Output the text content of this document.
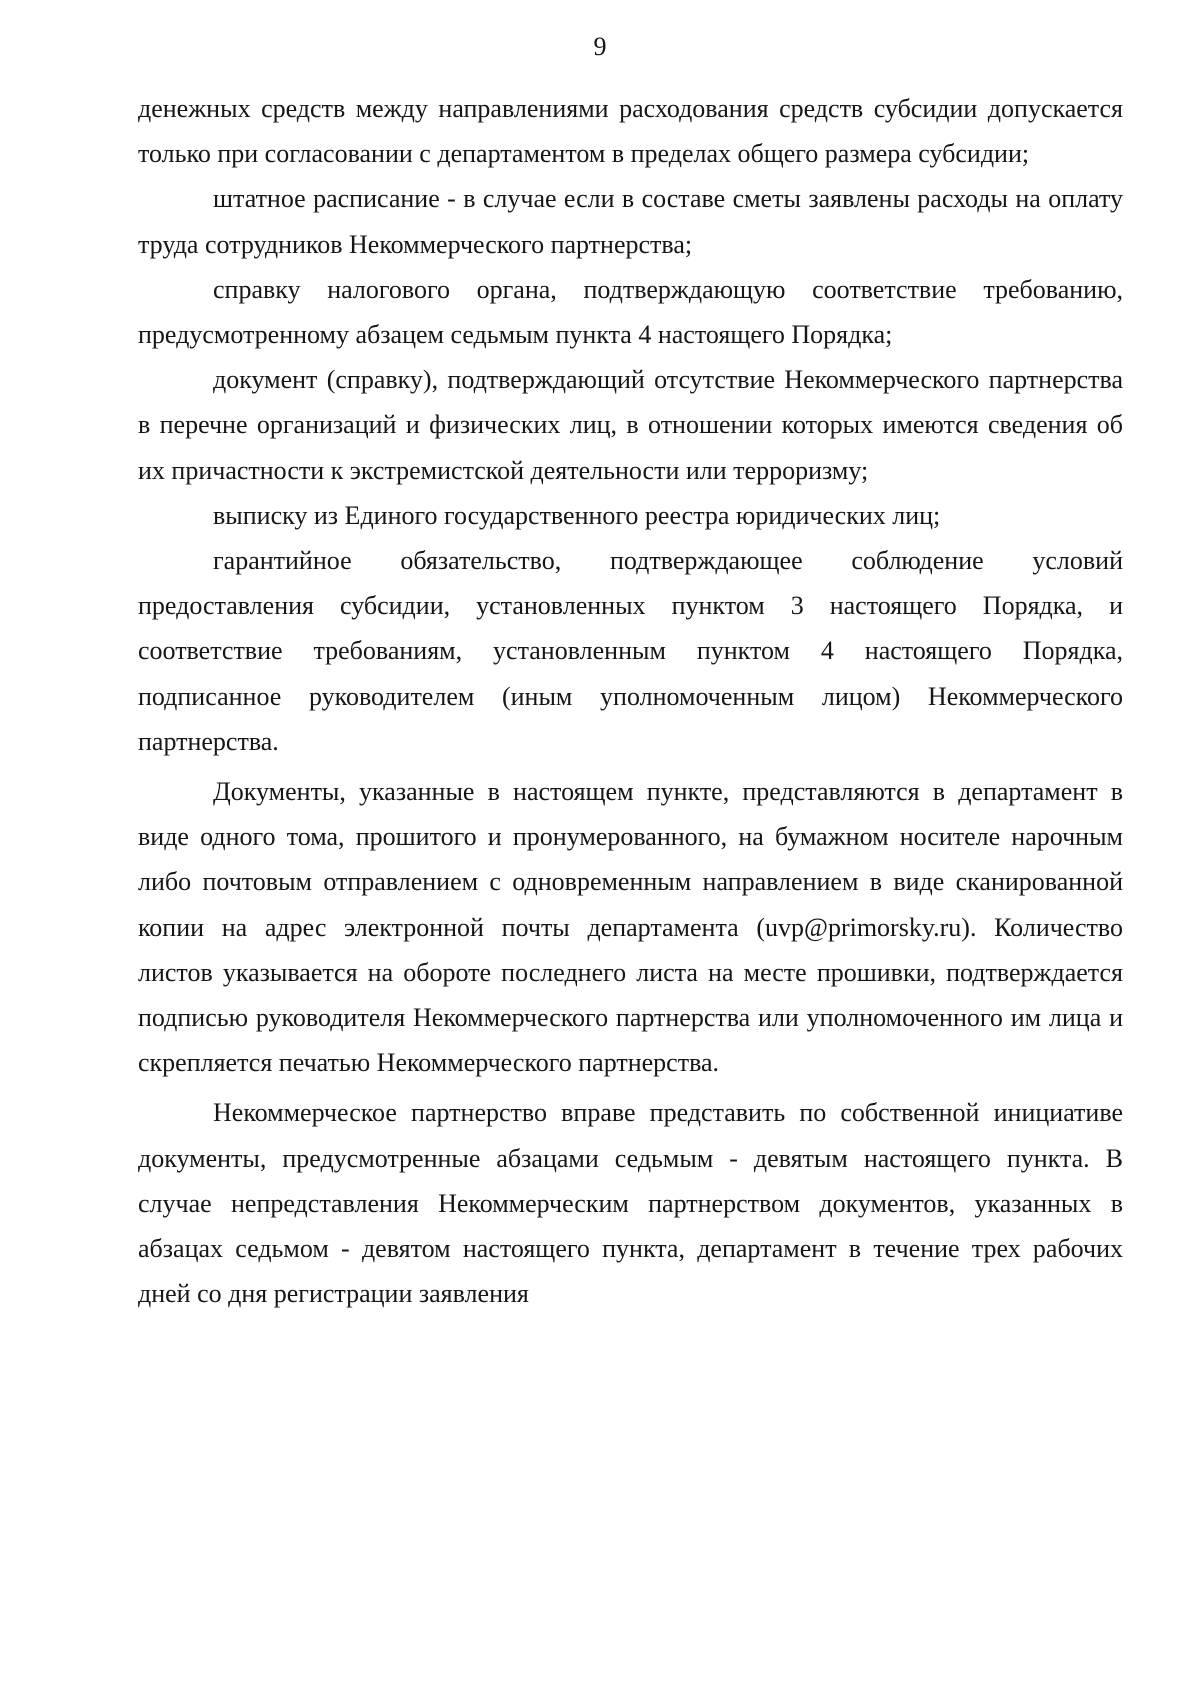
9

денежных средств между направлениями расходования средств субсидии допускается только при согласовании с департаментом в пределах общего размера субсидии;

штатное расписание - в случае если в составе сметы заявлены расходы на оплату труда сотрудников Некоммерческого партнерства;

справку налогового органа, подтверждающую соответствие требованию, предусмотренному абзацем седьмым пункта 4 настоящего Порядка;

документ (справку), подтверждающий отсутствие Некоммерческого партнерства в перечне организаций и физических лиц, в отношении которых имеются сведения об их причастности к экстремистской деятельности или терроризму;

выписку из Единого государственного реестра юридических лиц;

гарантийное обязательство, подтверждающее соблюдение условий предоставления субсидии, установленных пунктом 3 настоящего Порядка, и соответствие требованиям, установленным пунктом 4 настоящего Порядка, подписанное руководителем (иным уполномоченным лицом) Некоммерческого партнерства.

Документы, указанные в настоящем пункте, представляются в департамент в виде одного тома, прошитого и пронумерованного, на бумажном носителе нарочным либо почтовым отправлением с одновременным направлением в виде сканированной копии на адрес электронной почты департамента (uvp@primorsky.ru). Количество листов указывается на обороте последнего листа на месте прошивки, подтверждается подписью руководителя Некоммерческого партнерства или уполномоченного им лица и скрепляется печатью Некоммерческого партнерства.

Некоммерческое партнерство вправе представить по собственной инициативе документы, предусмотренные абзацами седьмым - девятым настоящего пункта. В случае непредставления Некоммерческим партнерством документов, указанных в абзацах седьмом - девятом настоящего пункта, департамент в течение трех рабочих дней со дня регистрации заявления
